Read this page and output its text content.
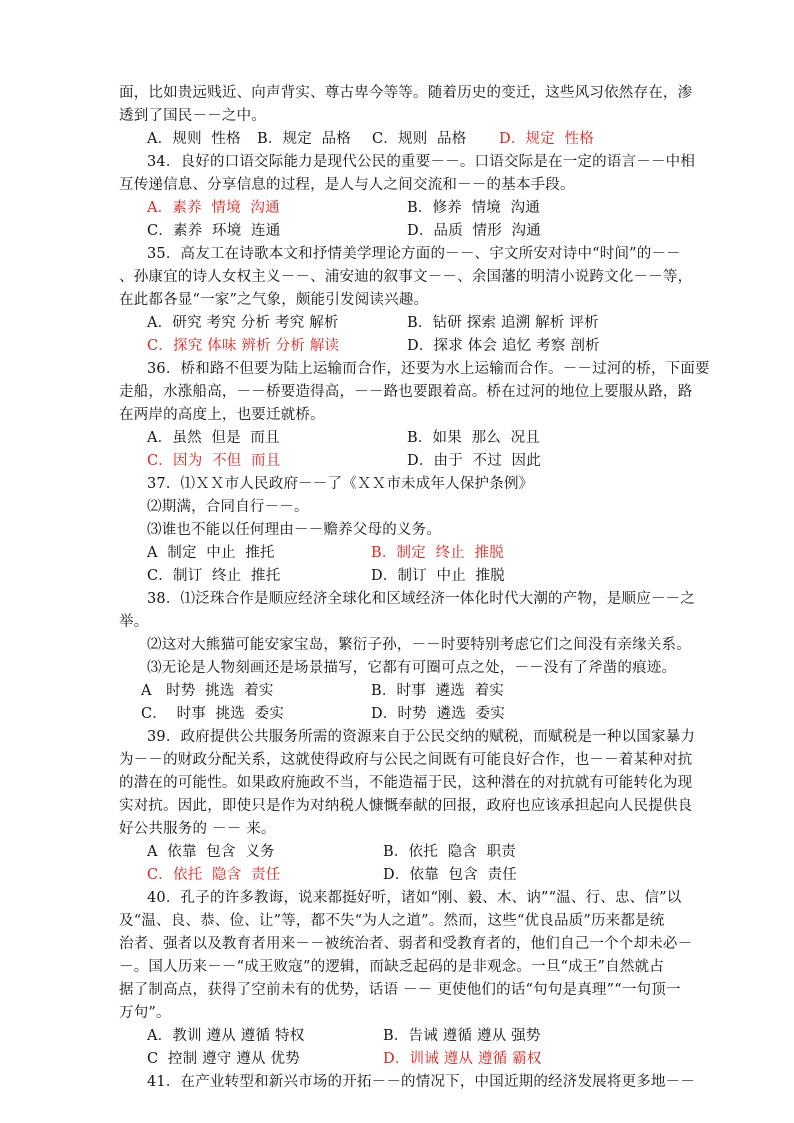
面，比如贵远贱近、向声背实、尊古卑今等等。随着历史的变迁，这些风习依然存在，渗
透到了国民－－之中。
A．规则  性格 B．规定  品格 C．规则  品格 D．规定  性格
34．良好的口语交际能力是现代公民的重要－－。口语交际是在一定的语言－－中相
互传递信息、分享信息的过程，是人与人之间交流和－－的基本手段。
A．素养  情境  沟通	B．修养  情境  沟通
C．素养  环境  连通	D．品质  情形  沟通
35．高友工在诗歌本文和抒情美学理论方面的－－、宇文所安对诗中“时间”的－－
、孙康宜的诗人女权主义－－、浦安迪的叙事文－－、余国藩的明清小说跨文化－－等，
在此都各显“一家”之气象，颇能引发阅读兴趣。
A．研究 考究 分析 考究 解析	B．钻研 探索 追溯 解析 评析
C．探究 体味 辨析 分析 解读	D．探求 体会 追忆 考察 剖析
36．桥和路不但要为陆上运输而合作，还要为水上运输而合作。－－过河的桥，下面要
走船，水涨船高，－－桥要造得高，－－路也要跟着高。桥在过河的地位上要服从路，路
在两岸的高度上，也要迁就桥。
A．虽然  但是  而且	B．如果  那么  况且
C．因为  不但  而且	D．由于  不过  因此
37．⑴ＸＸ市人民政府－－了《ＸＸ市未成年人保护条例》
⑵期满，合同自行－－。
⑶谁也不能以任何理由－－赡养父母的义务。
A  制定  中止  推托	B．制定  终止  推脱
C．制订  终止  推托	D．制订  中止  推脱
38．⑴泛珠合作是顺应经济全球化和区域经济一体化时代大潮的产物，是顺应－－之
举。
⑵这对大熊猫可能安家宝岛，繁衍子孙，－－时要特别考虑它们之间没有亲缘关系。
⑶无论是人物刻画还是场景描写，它都有可圈可点之处，－－没有了斧凿的痕迹。
A   时势  挑选  着实	B．时事  遴选  着实
C．  时事  挑选  委实	D．时势  遴选  委实
39．政府提供公共服务所需的资源来自于公民交纳的赋税，而赋税是一种以国家暴力
为－－的财政分配关系，这就使得政府与公民之间既有可能良好合作，也－－着某种对抗
的潜在的可能性。如果政府施政不当，不能造福于民，这种潜在的对抗就有可能转化为现
实对抗。因此，即使只是作为对纳税人慷慨奉献的回报，政府也应该承担起向人民提供良
好公共服务的 －－ 来。
A  依靠  包含  义务	B．依托  隐含  职责
C．依托  隐含  责任	D．依靠  包含  责任
40．孔子的许多教诲，说来都挺好听，诸如“刚、毅、木、讷”“温、行、忠、信”以
及“温、良、恭、俭、让”等，都不失“为人之道”。然而，这些“优良品质”历来都是统
治者、强者以及教育者用来－－被统治者、弱者和受教育者的，他们自己一个个却未必－
－。国人历来－－“成王败寇”的逻辑，而缺乏起码的是非观念。一旦“成王”自然就占
据了制高点，获得了空前未有的优势，话语 －－ 更使他们的话“句句是真理”“一句顶一
万句”。
A．教训 遵从 遵循 特权	B．告诫 遵循 遵从 强势
C  控制 遵守 遵从 优势	D．训诫 遵从 遵循 霸权
41．在产业转型和新兴市场的开拓－－的情况下，中国近期的经济发展将更多地－－
